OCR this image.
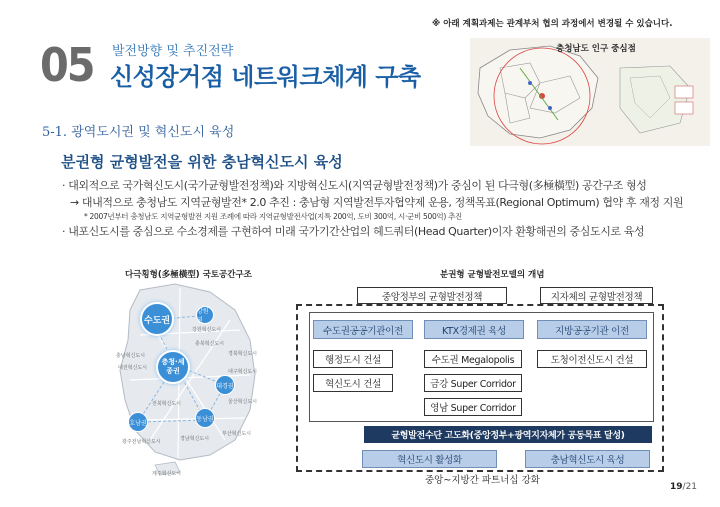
※ 아래 계획과제는 관계부처 협의 과정에서 변경될 수 있습니다.
05 발전방향 및 추진전략
신성장거점 네트워크체계 구축
충청남도 인구 중심점
5-1. 광역도시권 및 혁신도시 육성
분권형 균형발전을 위한 충남혁신도시 육성
· 대외적으로 국가혁신도시(국가균형발전정책)와 지방혁신도시(지역균형발전정책)가 중심이 된 다극형(多極橫型) 공간구조 형성
→ 대내적으로 충청남도 지역균형발전* 2.0 추진 : 충남형 지역발전투자협약제 운용, 정책목표(Regional Optimum) 협약 후 재정 지원
* 2007년부터 충청남도 지역균형발전 지원 조례에 따라 지역균형발전사업(지특 200억, 도비 300억, 시·군비 500억) 추진
· 내포신도시를 중심으로 수소경제를 구현하여 미래 국가기간산업의 헤드쿼터(Head Quarter)이자 환황해권의 중심도시로 육성
다극횡형(多極橫型) 국토공간구조	분권형 균형발전모델의 개념
수도권
강원권
충청·세종권
대경권
동남권
호남권
강원혁신도시
충북혁신도시
경북혁신도시
대구혁신도시
울산혁신도시
부산혁신도시
경남혁신도시
전북혁신도시
광주전남혁신도시
제주혁신도시
충남혁신도시
대전혁신도시
중앙정부의 균형발전정책	지자체의 균형발전정책
수도권공공기관이전	KTX경제권 육성	지방공공기관 이전
행정도시 건설	수도권 Megalopolis	도청이전신도시 건설
혁신도시 건설	금강 Super Corridor
영남 Super Corridor
균형발전수단 고도화(중앙정부+광역지자체가 공동목표 달성)
혁신도시 활성화	충남혁신도시 육성
중앙~지방간 파트너십 강화
19/21
